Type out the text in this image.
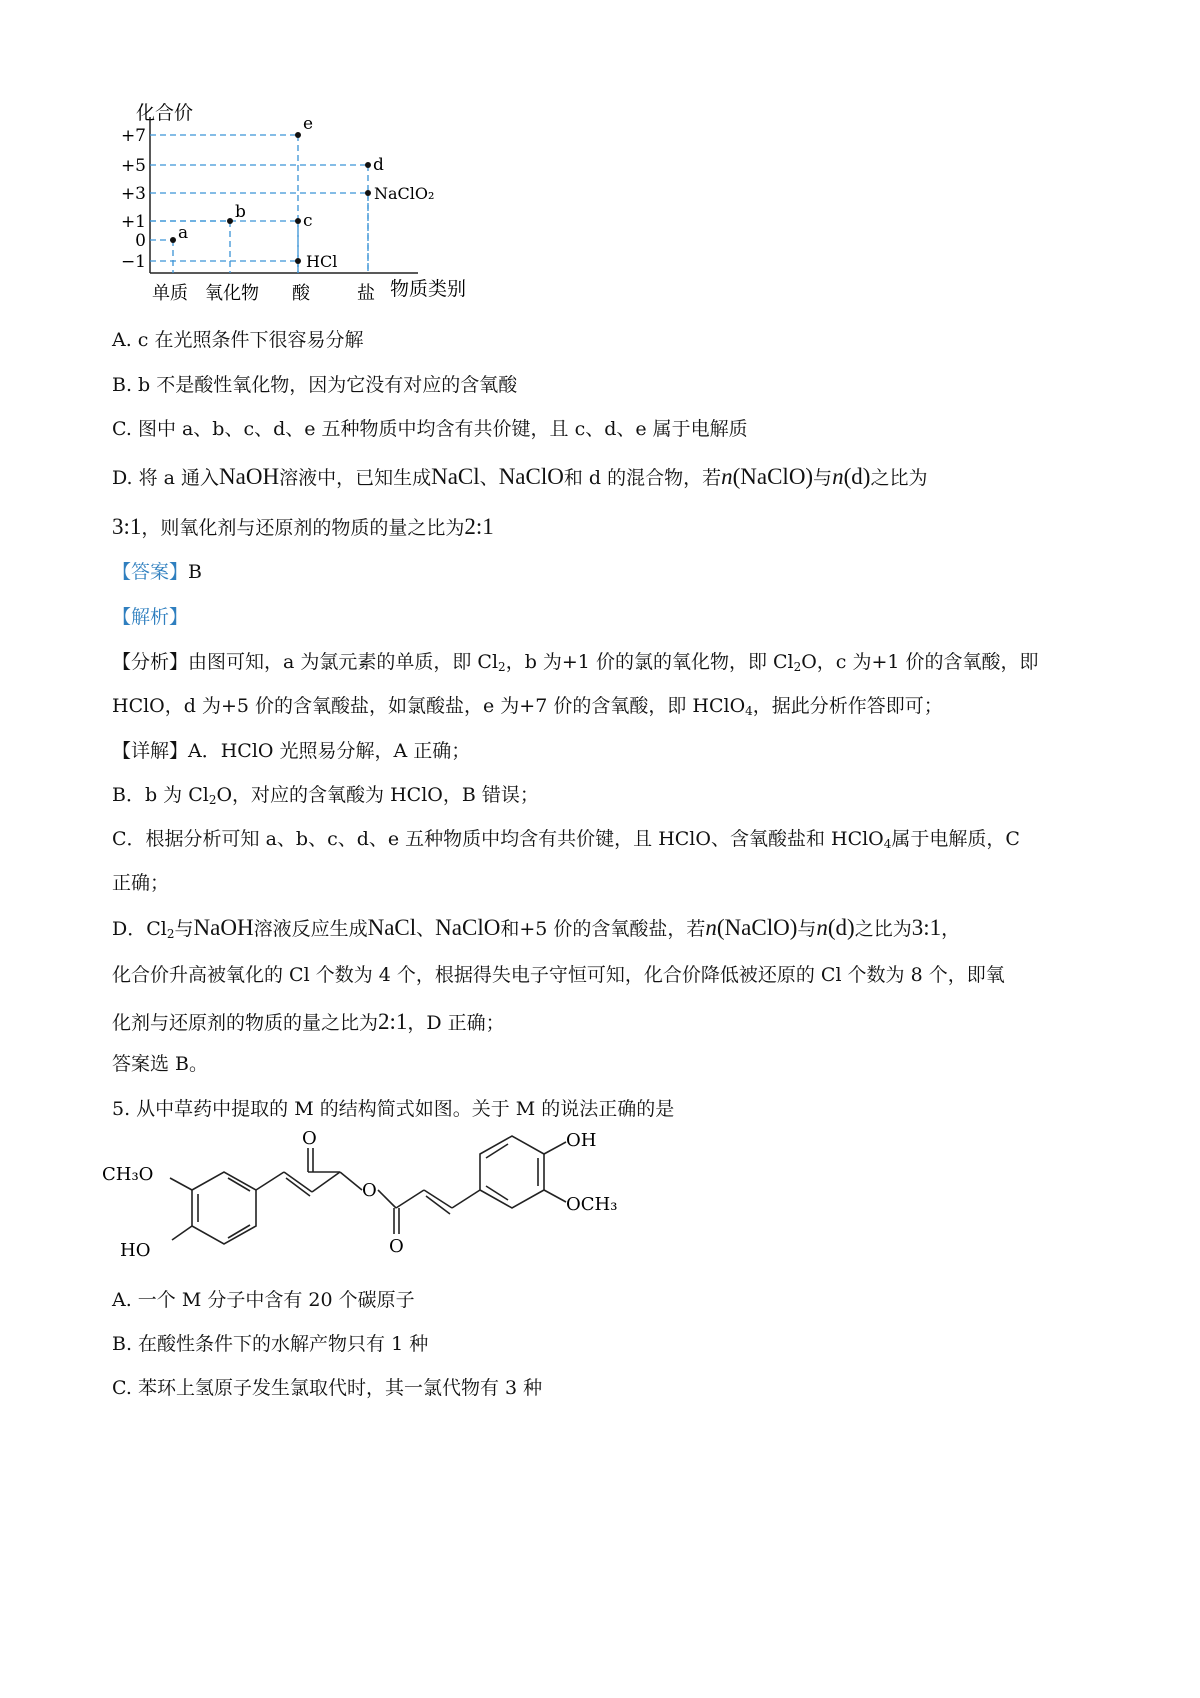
化合价
物质类别
+7
+5
+3
+1
0
−1
单质 氧化物 酸	盐
a
b	c
e
HCl
d
NaClO₂
A. c 在光照条件下很容易分解
B. b 不是酸性氧化物，因为它没有对应的含氧酸
C. 图中 a、b、c、d、e 五种物质中均含有共价键，且 c、d、e 属于电解质
D. 将 a 通入NaOH溶液中，已知生成NaCl、NaClO和 d 的混合物，若n(NaClO)与n(d)之比为
3:1，则氧化剂与还原剂的物质的量之比为2:1
【答案】B
【解析】
【分析】由图可知，a 为氯元素的单质，即 $Cl_2$，b 为+1 价的氯的氧化物，即 $Cl_2O$，c 为+1 价的含氧酸，即
HClO，d 为+5 价的含氧酸盐，如氯酸盐，e 为+7 价的含氧酸，即 HClO$_4$，据此分析作答即可；
【详解】A．HClO 光照易分解，A 正确；
B．b 为 $Cl_2O$，对应的含氧酸为 HClO，B 错误；
C．根据分析可知 a、b、c、d、e 五种物质中均含有共价键，且 HClO、含氧酸盐和 HClO$_4$属于电解质，C
正确；
D．$Cl_2$与NaOH溶液反应生成NaCl、NaClO和+5 价的含氧酸盐，若n(NaClO)与n(d)之比为3:1，
化合价升高被氧化的 Cl 个数为 4 个，根据得失电子守恒可知，化合价降低被还原的 Cl 个数为 8 个，即氧
化剂与还原剂的物质的量之比为2:1，D 正确；
答案选 B。
5. 从中草药中提取的 M 的结构简式如图。关于 M 的说法正确的是
CH₃O
HO
O
O
O
OH
OCH₃
A. 一个 M 分子中含有 20 个碳原子
B. 在酸性条件下的水解产物只有 1 种
C. 苯环上氢原子发生氯取代时，其一氯代物有 3 种
